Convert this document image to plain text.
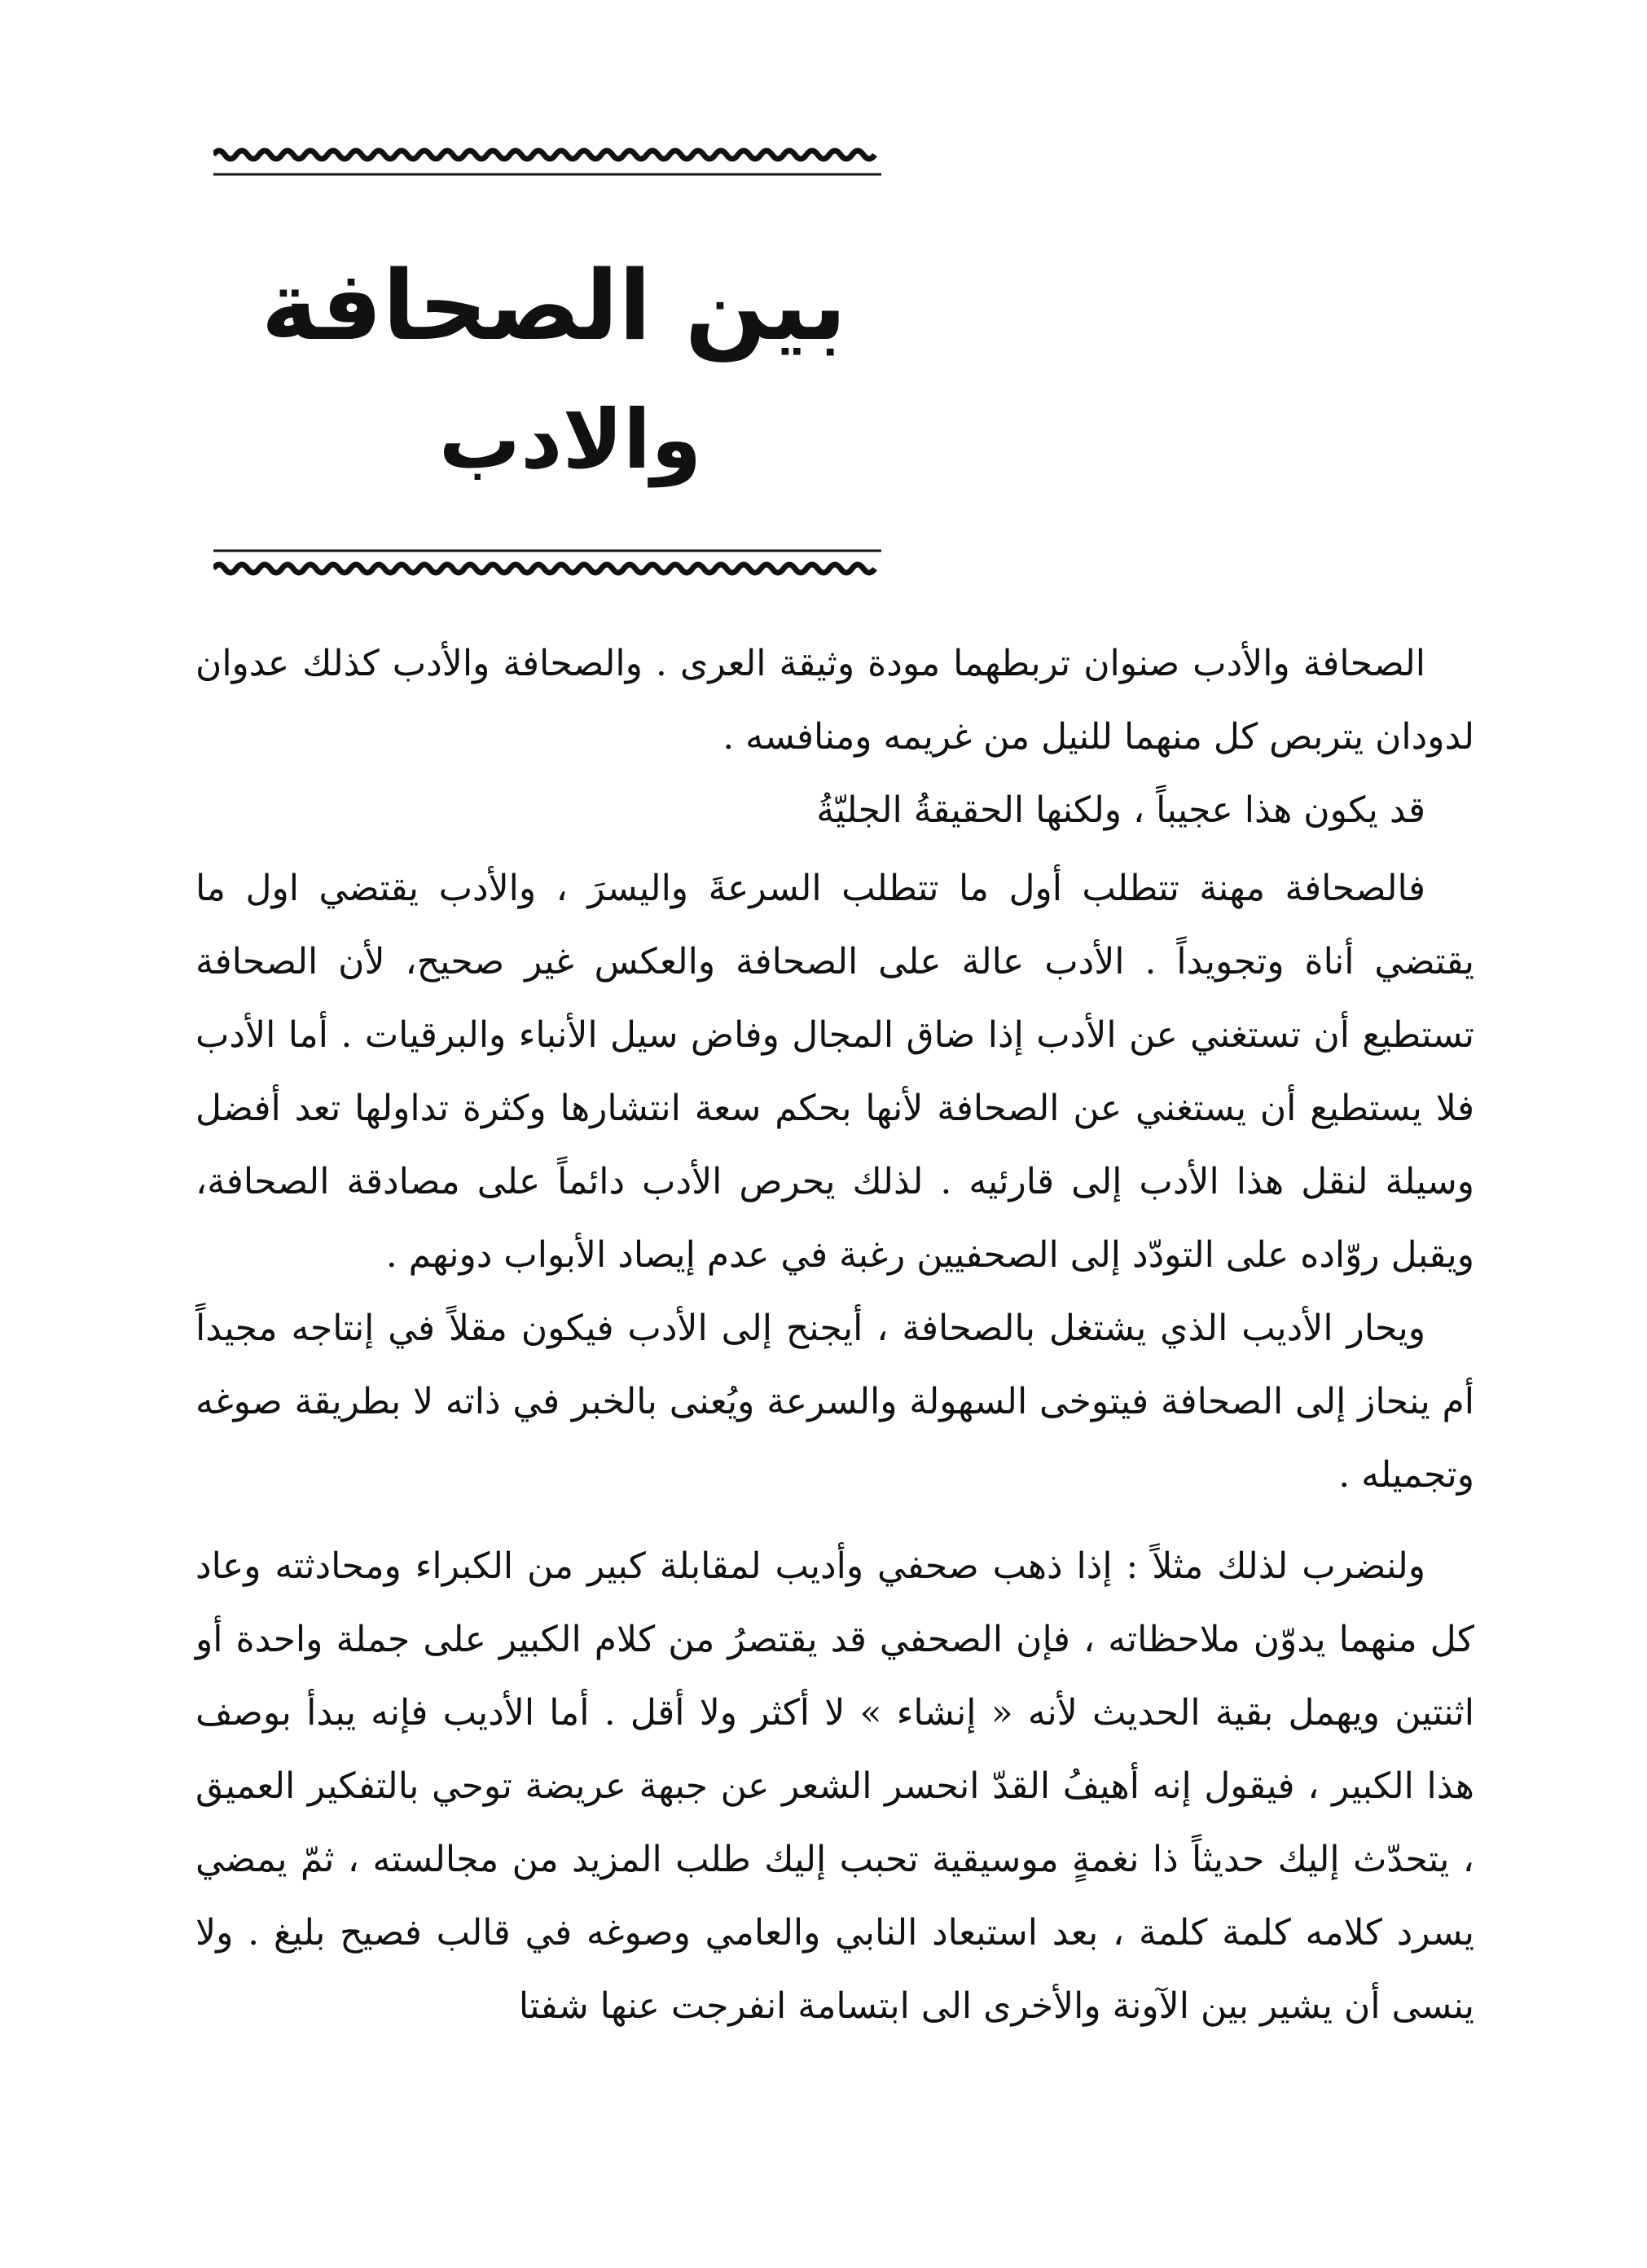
بين الصحافة
والادب

الصحافة والأدب صنوان تربطهما مودة وثيقة العرى . والصحافة والأدب كذلك عدوان لدودان يتربص كل منهما للنيل من غريمه ومنافسه .

قد يكون هذا عجيباً ، ولكنها الحقيقةُ الجليّةُ

فالصحافة مهنة تتطلب أول ما تتطلب السرعةَ واليسرَ ، والأدب يقتضي اول ما يقتضي أناة وتجويداً . الأدب عالة على الصحافة والعكس غير صحيح، لأن الصحافة تستطيع أن تستغني عن الأدب إذا ضاق المجال وفاض سيل الأنباء والبرقيات . أما الأدب فلا يستطيع أن يستغني عن الصحافة لأنها بحكم سعة انتشارها وكثرة تداولها تعد أفضل وسيلة لنقل هذا الأدب إلى قارئيه . لذلك يحرص الأدب دائماً على مصادقة الصحافة، ويقبل روّاده على التودّد إلى الصحفيين رغبة في عدم إيصاد الأبواب دونهم .

ويحار الأديب الذي يشتغل بالصحافة ، أيجنح إلى الأدب فيكون مقلاً في إنتاجه مجيداً أم ينحاز إلى الصحافة فيتوخى السهولة والسرعة ويُعنى بالخبر في ذاته لا بطريقة صوغه وتجميله .

ولنضرب لذلك مثلاً : إذا ذهب صحفي وأديب لمقابلة كبير من الكبراء ومحادثته وعاد كل منهما يدوّن ملاحظاته ، فإن الصحفي قد يقتصرُ من كلام الكبير على جملة واحدة أو اثنتين ويهمل بقية الحديث لأنه « إنشاء » لا أكثر ولا أقل . أما الأديب فإنه يبدأ بوصف هذا الكبير ، فيقول إنه أهيفُ القدّ انحسر الشعر عن جبهة عريضة توحي بالتفكير العميق ، يتحدّث إليك حديثاً ذا نغمةٍ موسيقية تحبب إليك طلب المزيد من مجالسته ، ثمّ يمضي يسرد كلامه كلمة كلمة ، بعد استبعاد النابي والعامي وصوغه في قالب فصيح بليغ . ولا ينسى أن يشير بين الآونة والأخرى الى ابتسامة انفرجت عنها شفتا
